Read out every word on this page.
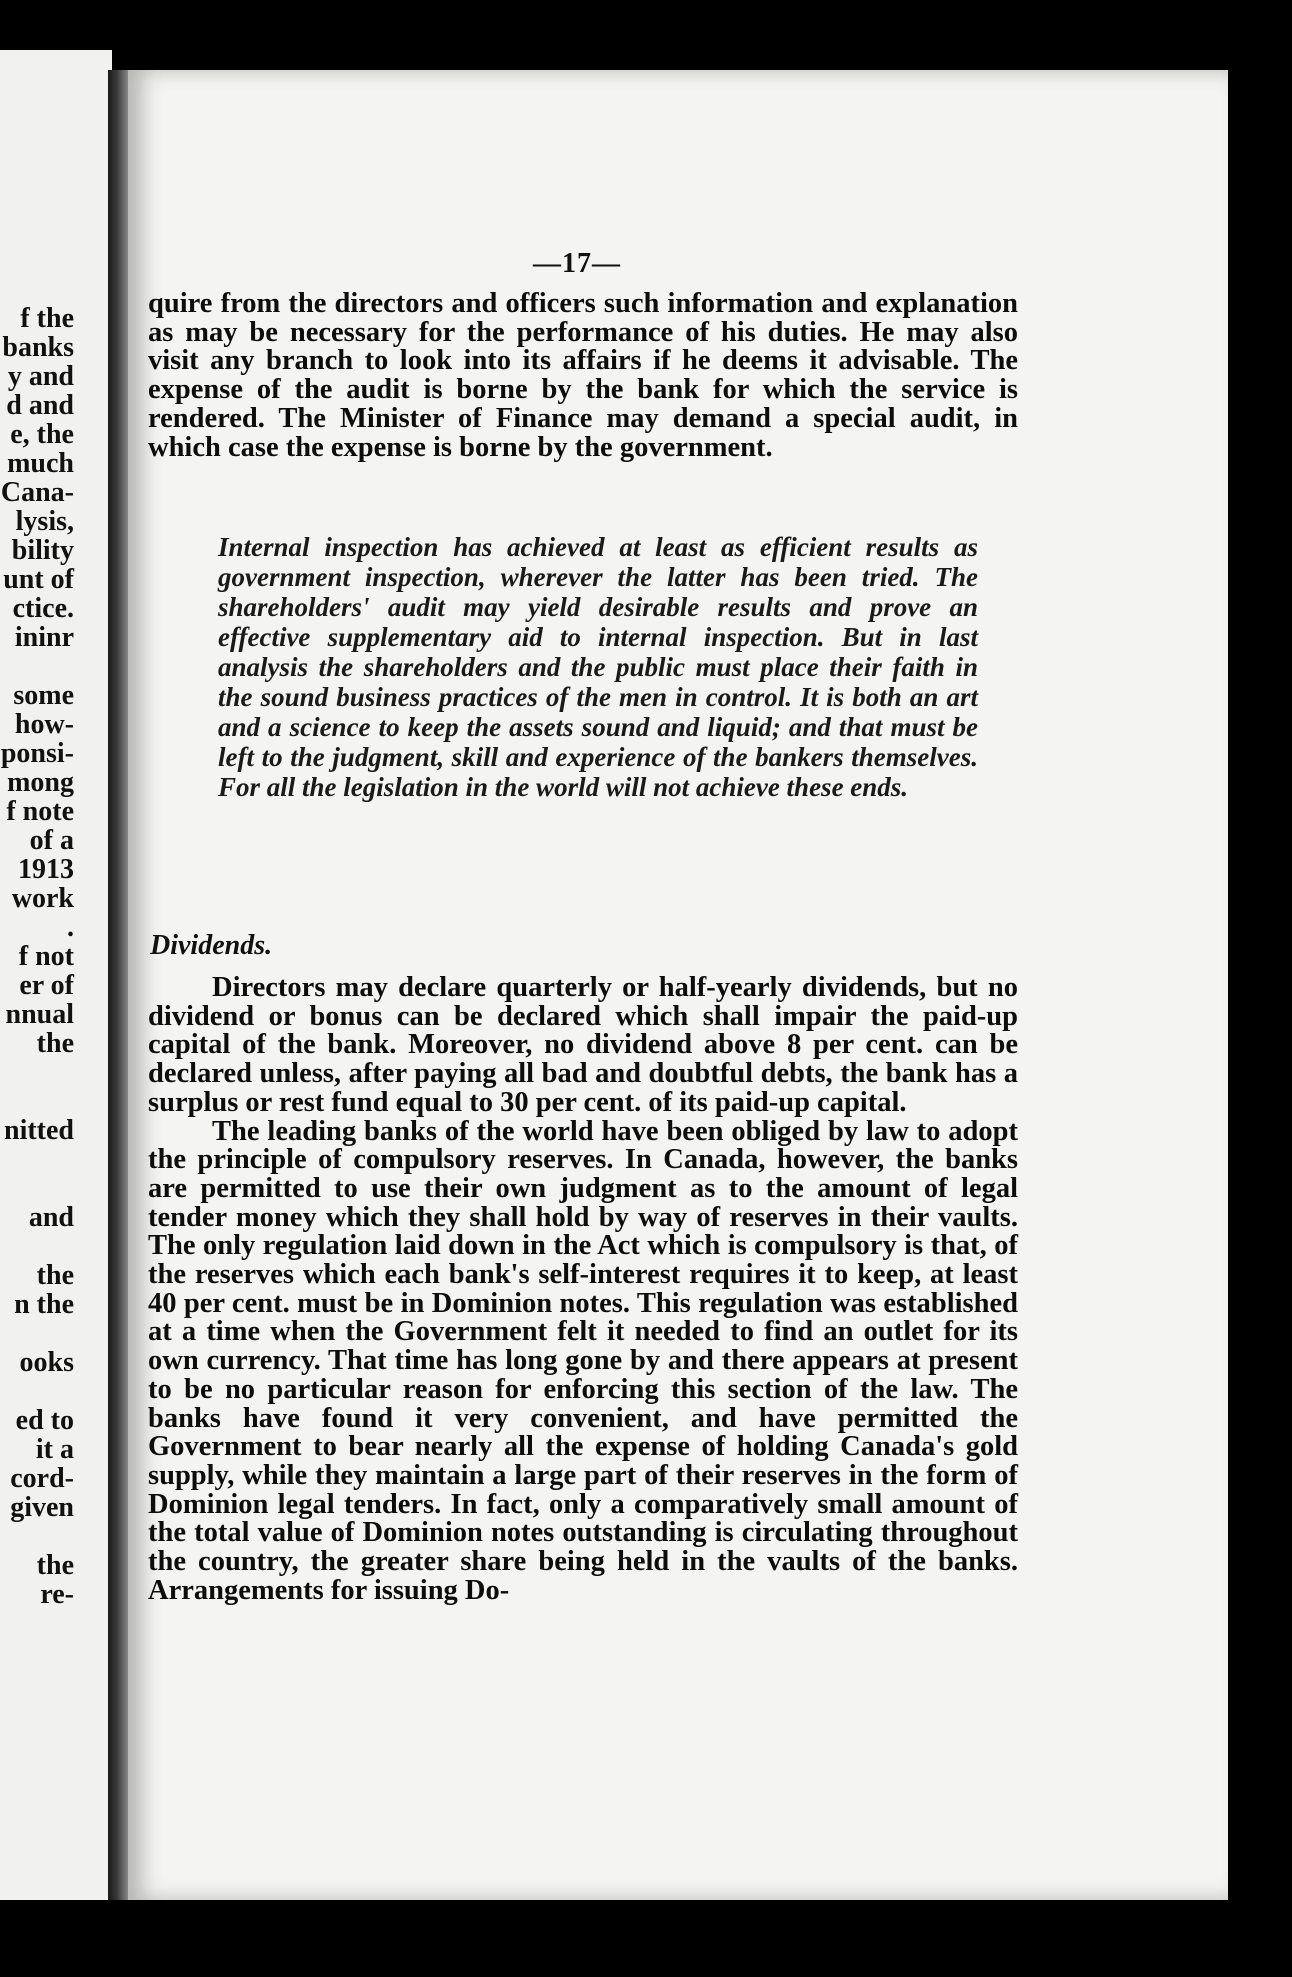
f the
banks
y and
d and
e, the
much
Cana-
lysis,
bility
unt of
ctice.
ininr
some
how-
ponsi-
mong
f note
of a
1913
work
.
f not
er of
nnual
the
nitted
and
the
n the
ooks
ed to
it a
cord-
given
the
re-
—17—

quire from the directors and officers such information and explanation as may be necessary for the performance of his duties. He may also visit any branch to look into its affairs if he deems it advisable. The expense of the audit is borne by the bank for which the service is rendered. The Minister of Finance may demand a special audit, in which case the expense is borne by the government.

Internal inspection has achieved at least as efficient results as government inspection, wherever the latter has been tried. The shareholders' audit may yield desirable results and prove an effective supplementary aid to internal inspection. But in last analysis the shareholders and the public must place their faith in the sound business practices of the men in control. It is both an art and a science to keep the assets sound and liquid; and that must be left to the judgment, skill and experience of the bankers themselves. For all the legislation in the world will not achieve these ends.
Dividends.

Directors may declare quarterly or half-yearly dividends, but no dividend or bonus can be declared which shall impair the paid-up capital of the bank. Moreover, no dividend above 8 per cent. can be declared unless, after paying all bad and doubtful debts, the bank has a surplus or rest fund equal to 30 per cent. of its paid-up capital.

The leading banks of the world have been obliged by law to adopt the principle of compulsory reserves. In Canada, however, the banks are permitted to use their own judgment as to the amount of legal tender money which they shall hold by way of reserves in their vaults. The only regulation laid down in the Act which is compulsory is that, of the reserves which each bank's self-interest requires it to keep, at least 40 per cent. must be in Dominion notes. This regulation was established at a time when the Government felt it needed to find an outlet for its own currency. That time has long gone by and there appears at present to be no particular reason for enforcing this section of the law. The banks have found it very convenient, and have permitted the Government to bear nearly all the expense of holding Canada's gold supply, while they maintain a large part of their reserves in the form of Dominion legal tenders. In fact, only a comparatively small amount of the total value of Dominion notes outstanding is circulating throughout the country, the greater share being held in the vaults of the banks. Arrangements for issuing Do-
